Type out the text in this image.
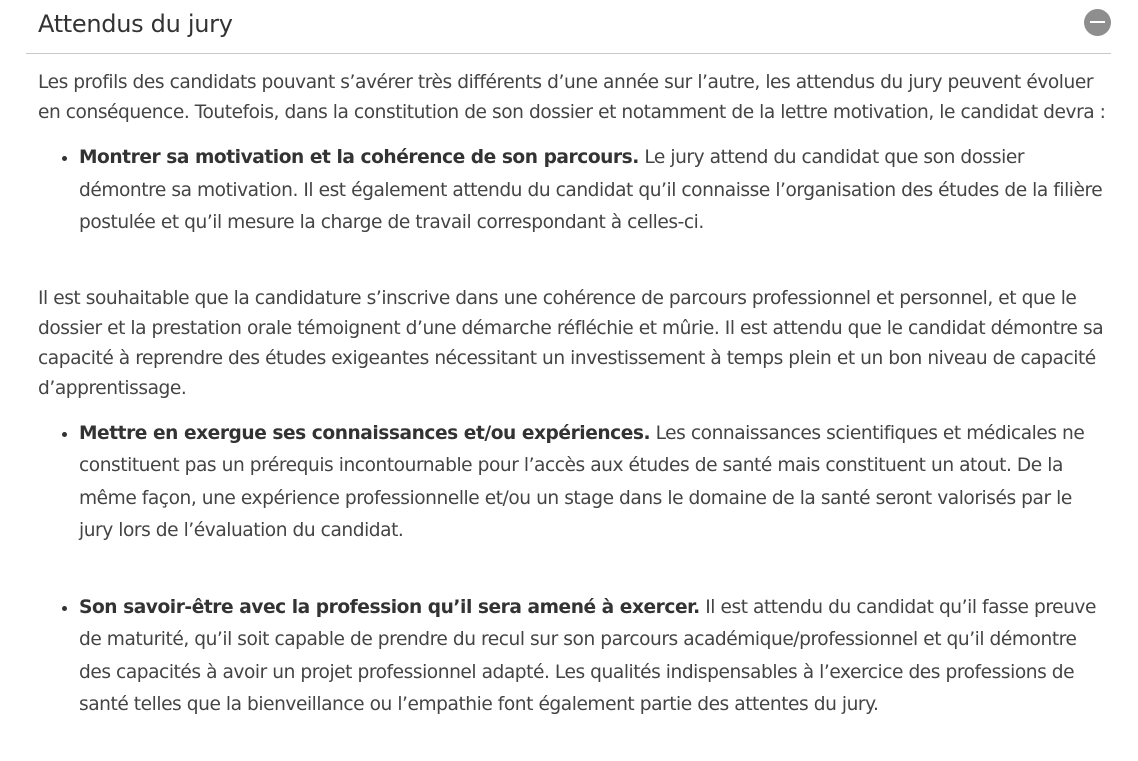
Attendus du jury

Les profils des candidats pouvant s’avérer très différents d’une année sur l’autre, les attendus du jury peuvent évoluer en conséquence. Toutefois, dans la constitution de son dossier et notamment de la lettre motivation, le candidat devra :

• Montrer sa motivation et la cohérence de son parcours. Le jury attend du candidat que son dossier démontre sa motivation. Il est également attendu du candidat qu’il connaisse l’organisation des études de la filière postulée et qu’il mesure la charge de travail correspondant à celles-ci.

Il est souhaitable que la candidature s’inscrive dans une cohérence de parcours professionnel et personnel, et que le dossier et la prestation orale témoignent d’une démarche réfléchie et mûrie. Il est attendu que le candidat démontre sa capacité à reprendre des études exigeantes nécessitant un investissement à temps plein et un bon niveau de capacité d’apprentissage.

• Mettre en exergue ses connaissances et/ou expériences. Les connaissances scientifiques et médicales ne constituent pas un prérequis incontournable pour l’accès aux études de santé mais constituent un atout. De la même façon, une expérience professionnelle et/ou un stage dans le domaine de la santé seront valorisés par le jury lors de l’évaluation du candidat.
• Son savoir-être avec la profession qu’il sera amené à exercer. Il est attendu du candidat qu’il fasse preuve de maturité, qu’il soit capable de prendre du recul sur son parcours académique/professionnel et qu’il démontre des capacités à avoir un projet professionnel adapté. Les qualités indispensables à l’exercice des professions de santé telles que la bienveillance ou l’empathie font également partie des attentes du jury.
